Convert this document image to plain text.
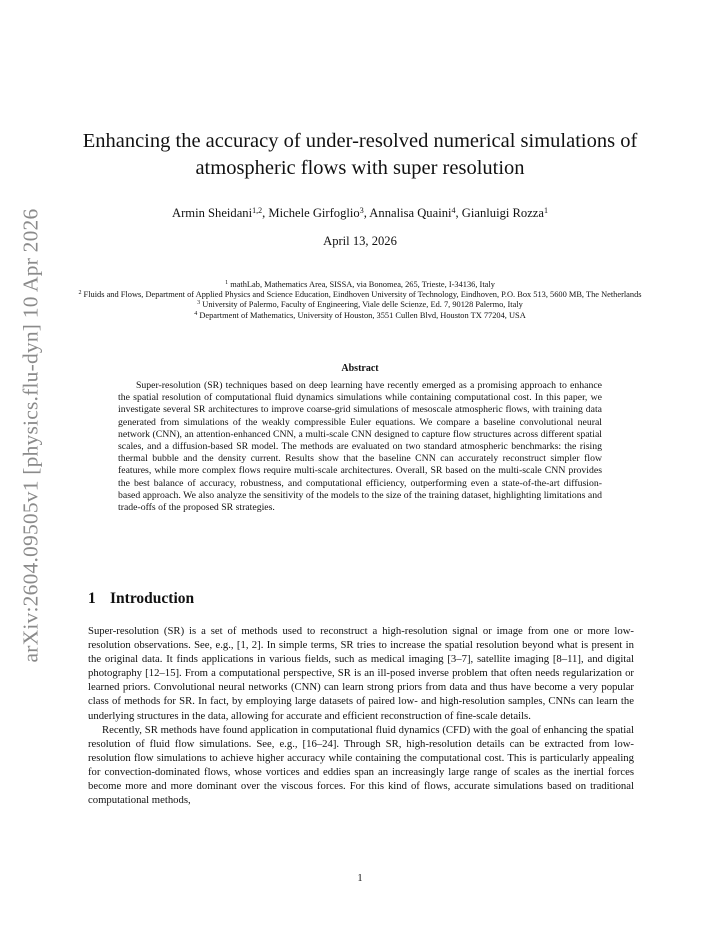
arXiv:2604.09505v1 [physics.flu-dyn] 10 Apr 2026
Enhancing the accuracy of under-resolved numerical simulations of atmospheric flows with super resolution
Armin Sheidani$^{1,2}$, Michele Girfoglio$^3$, Annalisa Quaini$^4$, Gianluigi Rozza$^1$
April 13, 2026
$^1$ mathLab, Mathematics Area, SISSA, via Bonomea, 265, Trieste, I-34136, Italy
$^2$ Fluids and Flows, Department of Applied Physics and Science Education, Eindhoven University of Technology, Eindhoven, P.O. Box 513, 5600 MB, The Netherlands
$^3$ University of Palermo, Faculty of Engineering, Viale delle Scienze, Ed. 7, 90128 Palermo, Italy
$^4$ Department of Mathematics, University of Houston, 3551 Cullen Blvd, Houston TX 77204, USA
Abstract

Super-resolution (SR) techniques based on deep learning have recently emerged as a promising approach to enhance the spatial resolution of computational fluid dynamics simulations while containing computational cost. In this paper, we investigate several SR architectures to improve coarse-grid simulations of mesoscale atmospheric flows, with training data generated from simulations of the weakly compressible Euler equations. We compare a baseline convolutional neural network (CNN), an attention-enhanced CNN, a multi-scale CNN designed to capture flow structures across different spatial scales, and a diffusion-based SR model. The methods are evaluated on two standard atmospheric benchmarks: the rising thermal bubble and the density current. Results show that the baseline CNN can accurately reconstruct simpler flow features, while more complex flows require multi-scale architectures. Overall, SR based on the multi-scale CNN provides the best balance of accuracy, robustness, and computational efficiency, outperforming even a state-of-the-art diffusion-based approach. We also analyze the sensitivity of the models to the size of the training dataset, highlighting limitations and trade-offs of the proposed SR strategies.

1 Introduction

Super-resolution (SR) is a set of methods used to reconstruct a high-resolution signal or image from one or more low-resolution observations. See, e.g., [1, 2]. In simple terms, SR tries to increase the spatial resolution beyond what is present in the original data. It finds applications in various fields, such as medical imaging [3–7], satellite imaging [8–11], and digital photography [12–15]. From a computational perspective, SR is an ill-posed inverse problem that often needs regularization or learned priors. Convolutional neural networks (CNN) can learn strong priors from data and thus have become a very popular class of methods for SR. In fact, by employing large datasets of paired low- and high-resolution samples, CNNs can learn the underlying structures in the data, allowing for accurate and efficient reconstruction of fine-scale details.

Recently, SR methods have found application in computational fluid dynamics (CFD) with the goal of enhancing the spatial resolution of fluid flow simulations. See, e.g., [16–24]. Through SR, high-resolution details can be extracted from low-resolution flow simulations to achieve higher accuracy while containing the computational cost. This is particularly appealing for convection-dominated flows, whose vortices and eddies span an increasingly large range of scales as the inertial forces become more and more dominant over the viscous forces. For this kind of flows, accurate simulations based on traditional computational methods,

1
